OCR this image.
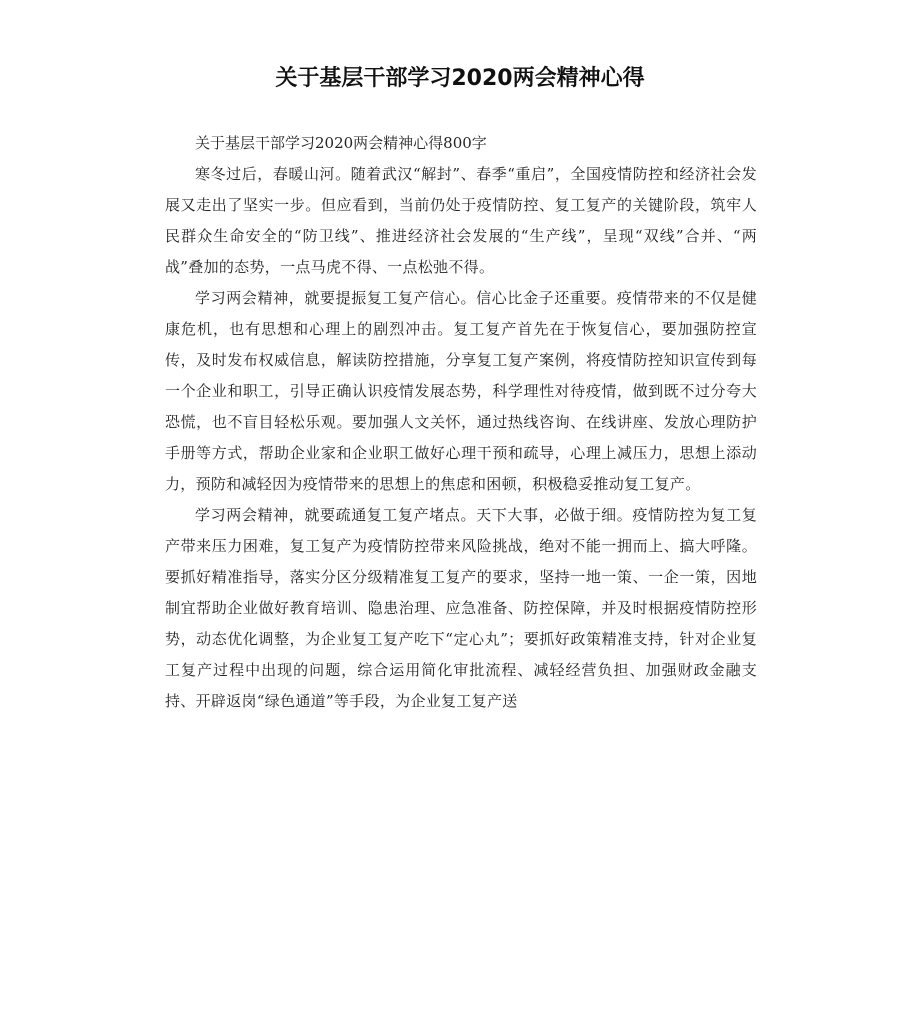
关于基层干部学习2020两会精神心得

关于基层干部学习2020两会精神心得800字

寒冬过后，春暖山河。随着武汉“解封”、春季“重启”，全国疫情防控和经济社会发展又走出了坚实一步。但应看到，当前仍处于疫情防控、复工复产的关键阶段，筑牢人民群众生命安全的“防卫线”、推进经济社会发展的“生产线”，呈现“双线”合并、“两战”叠加的态势，一点马虎不得、一点松弛不得。

学习两会精神，就要提振复工复产信心。信心比金子还重要。疫情带来的不仅是健康危机，也有思想和心理上的剧烈冲击。复工复产首先在于恢复信心，要加强防控宣传，及时发布权威信息，解读防控措施，分享复工复产案例，将疫情防控知识宣传到每一个企业和职工，引导正确认识疫情发展态势，科学理性对待疫情，做到既不过分夸大恐慌，也不盲目轻松乐观。要加强人文关怀，通过热线咨询、在线讲座、发放心理防护手册等方式，帮助企业家和企业职工做好心理干预和疏导，心理上减压力，思想上添动力，预防和减轻因为疫情带来的思想上的焦虑和困顿，积极稳妥推动复工复产。

学习两会精神，就要疏通复工复产堵点。天下大事，必做于细。疫情防控为复工复产带来压力困难，复工复产为疫情防控带来风险挑战，绝对不能一拥而上、搞大呼隆。要抓好精准指导，落实分区分级精准复工复产的要求，坚持一地一策、一企一策，因地制宜帮助企业做好教育培训、隐患治理、应急准备、防控保障，并及时根据疫情防控形势，动态优化调整，为企业复工复产吃下“定心丸”；要抓好政策精准支持，针对企业复工复产过程中出现的问题，综合运用简化审批流程、减轻经营负担、加强财政金融支持、开辟返岗“绿色通道”等手段，为企业复工复产送
